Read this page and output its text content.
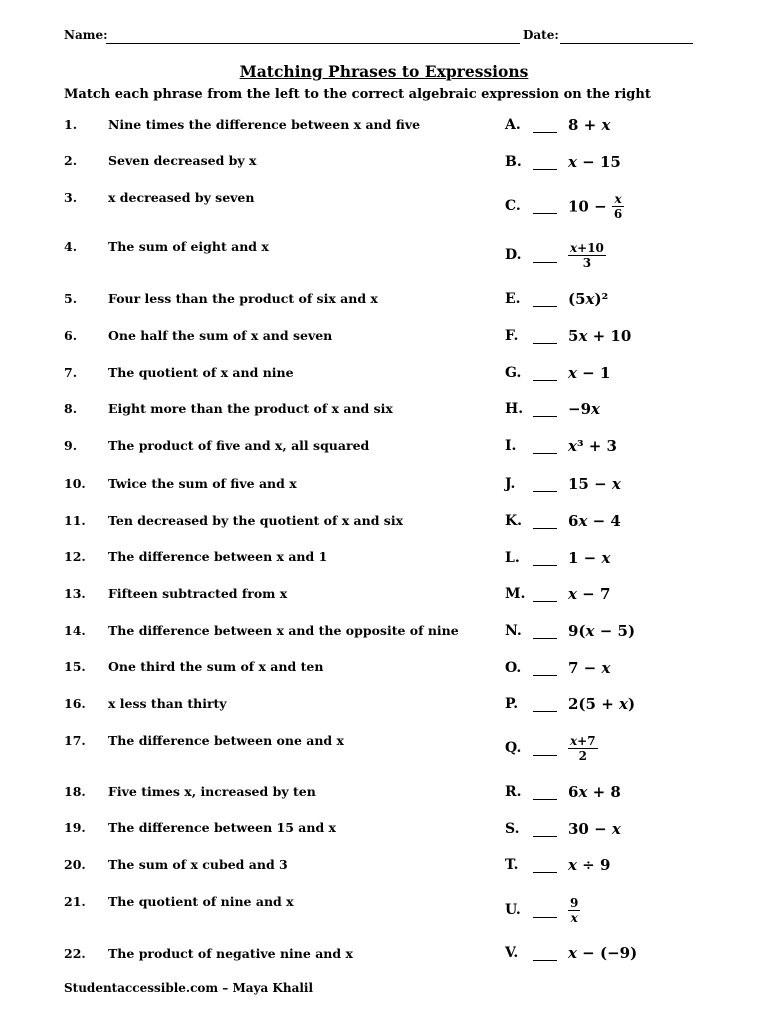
Name:	Date:
Matching Phrases to Expressions
Match each phrase from the left to the correct algebraic expression on the right
1. Nine times the difference between x and five
2. Seven decreased by x
3. x decreased by seven
4. The sum of eight and x
5. Four less than the product of six and x
6. One half the sum of x and seven
7. The quotient of x and nine
8. Eight more than the product of x and six
9. The product of five and x, all squared
10. Twice the sum of five and x
11. Ten decreased by the quotient of x and six
12. The difference between x and 1
13. Fifteen subtracted from x
14. The difference between x and the opposite of nine
15. One third the sum of x and ten
16. x less than thirty
17. The difference between one and x
18. Five times x, increased by ten
19. The difference between 15 and x
20. The sum of x cubed and 3
21. The quotient of nine and x
22. The product of negative nine and x
A.	8 + x
B.	x − 15
C.	$10 - \frac{x}{6}$
D.	$\frac{x+10}{3}$
E.	(5x)²
F.	5x + 10
G.	x − 1
H.	−9x
I.	x³ + 3
J.	15 − x
K.	6x − 4
L.	1 − x
M.	x − 7
N.	9(x − 5)
O.	7 − x
P.	2(5 + x)
Q.	$\frac{x+7}{2}$
R.	6x + 8
S.	30 − x
T.	x ÷ 9
U.	$\frac{9}{x}$
V.	x − (−9)
Studentaccessible.com – Maya Khalil
